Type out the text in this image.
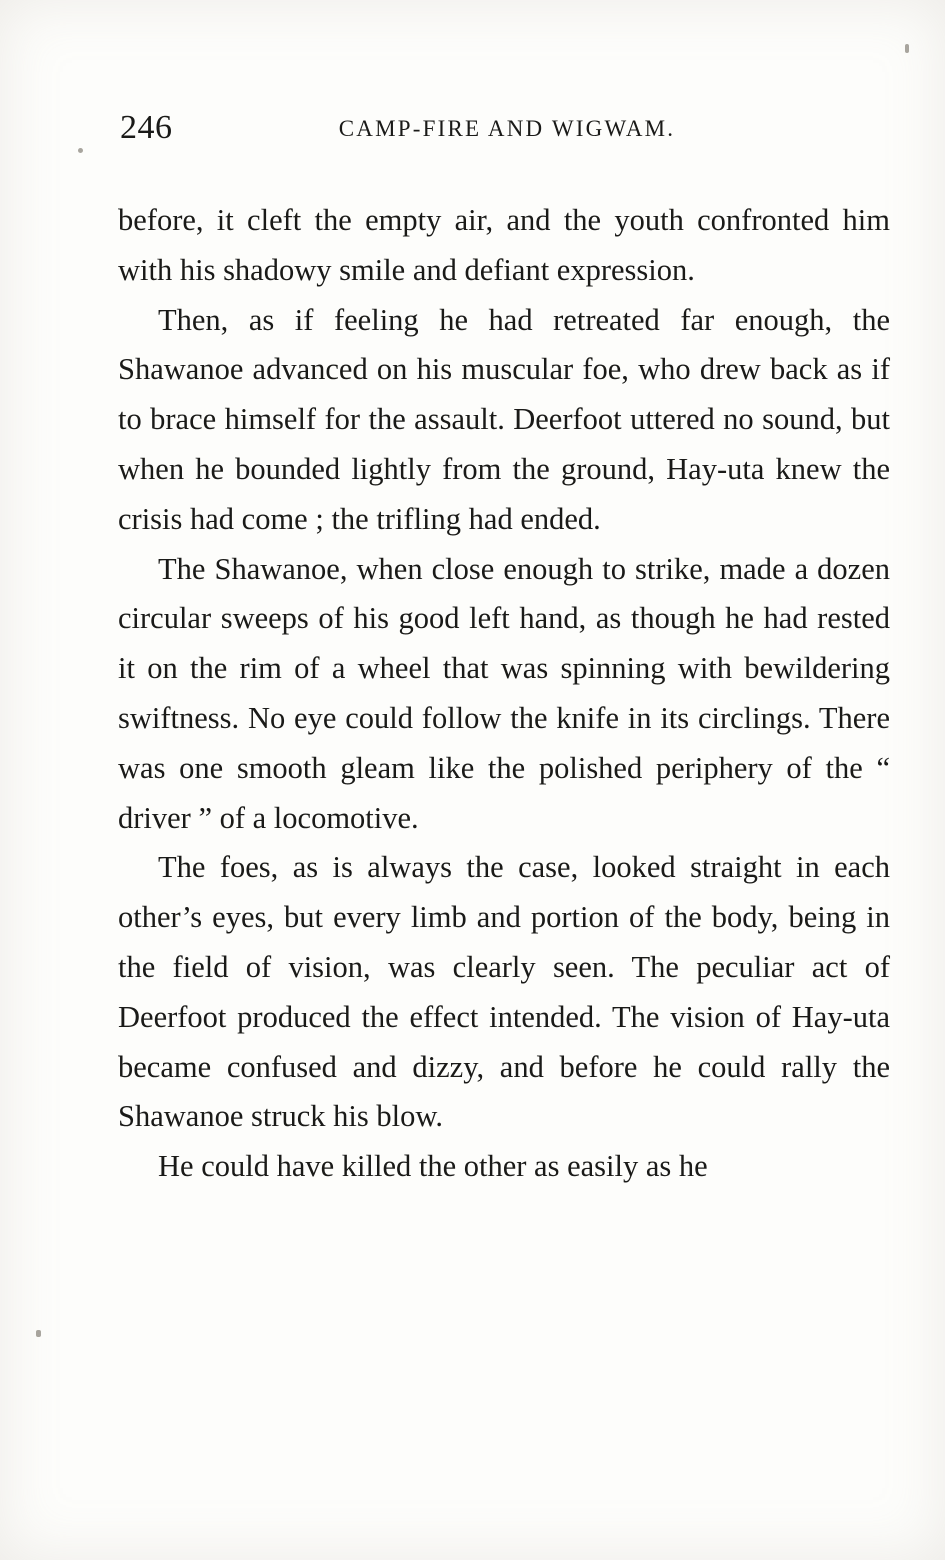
246	CAMP-FIRE AND WIGWAM.

before, it cleft the empty air, and the youth confronted him with his shadowy smile and defiant expression.

Then, as if feeling he had retreated far enough, the Shawanoe advanced on his muscular foe, who drew back as if to brace himself for the assault. Deerfoot uttered no sound, but when he bounded lightly from the ground, Hay-uta knew the crisis had come ; the trifling had ended.

The Shawanoe, when close enough to strike, made a dozen circular sweeps of his good left hand, as though he had rested it on the rim of a wheel that was spinning with bewildering swiftness. No eye could follow the knife in its circlings. There was one smooth gleam like the polished periphery of the “ driver ” of a locomotive.

The foes, as is always the case, looked straight in each other’s eyes, but every limb and portion of the body, being in the field of vision, was clearly seen. The peculiar act of Deerfoot produced the effect intended. The vision of Hay-uta became confused and dizzy, and before he could rally the Shawanoe struck his blow.

He could have killed the other as easily as he
